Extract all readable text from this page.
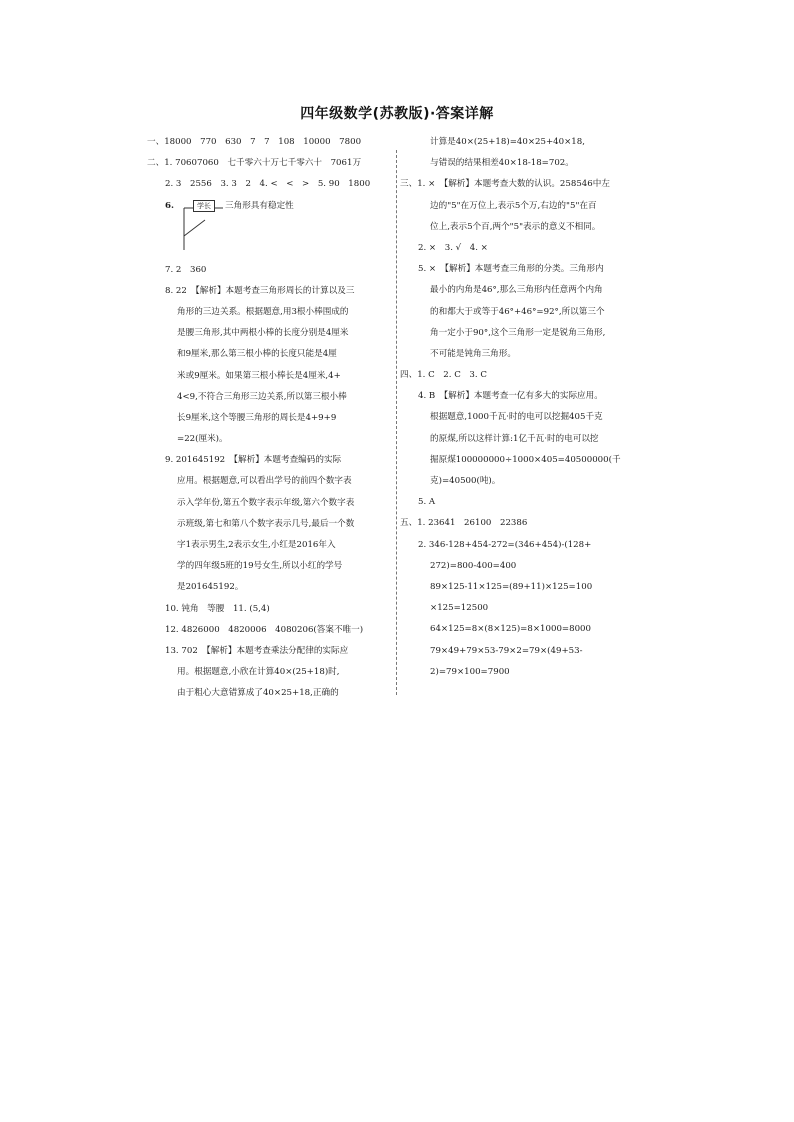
四年级数学(苏教版)·答案详解
一、18000　770　630　7　7　108　10000　7800
二、1. 70607060　七千零六十万七千零六十　7061万
2. 3　2556　3. 3　2　4. <　<　>　5. 90　1800
6.	学长	三角形具有稳定性
7. 2　360
8. 22　【解析】本题考查三角形周长的计算以及三
角形的三边关系。根据题意,用3根小棒围成的
是腰三角形,其中两根小棒的长度分别是4厘米
和9厘米,那么第三根小棒的长度只能是4厘
米或9厘米。如果第三根小棒长是4厘米,4+
4<9,不符合三角形三边关系,所以第三根小棒
长9厘米,这个等腰三角形的周长是4+9+9
=22(厘米)。
9. 201645192　【解析】本题考查编码的实际
应用。根据题意,可以看出学号的前四个数字表
示入学年份,第五个数字表示年级,第六个数字表
示班级,第七和第八个数字表示几号,最后一个数
字1表示男生,2表示女生,小红是2016年入
学的四年级5班的19号女生,所以小红的学号
是201645192。
10. 钝角　等腰　11. (5,4)
12. 4826000　4820006　4080206(答案不唯一)
13. 702　【解析】本题考查乘法分配律的实际应
用。根据题意,小欣在计算40×(25+18)时,
由于粗心大意错算成了40×25+18,正确的
计算是40×(25+18)=40×25+40×18,
与错误的结果相差40×18-18=702。
三、1. ×　【解析】本题考查大数的认识。258546中左
边的"5"在万位上,表示5个万,右边的"5"在百
位上,表示5个百,两个"5"表示的意义不相同。
2. ×　3. √　4. ×
5. ×　【解析】本题考查三角形的分类。三角形内
最小的内角是46°,那么三角形内任意两个内角
的和都大于或等于46°+46°=92°,所以第三个
角一定小于90°,这个三角形一定是锐角三角形,
不可能是钝角三角形。
四、1. C　2. C　3. C
4. B　【解析】本题考查一亿有多大的实际应用。
根据题意,1000千瓦·时的电可以挖掘405千克
的原煤,所以这样计算:1亿千瓦·时的电可以挖
掘原煤100000000÷1000×405=40500000(千
克)=40500(吨)。
5. A
五、1. 23641　26100　22386
2. 346-128+454-272=(346+454)-(128+
272)=800-400=400
89×125-11×125=(89+11)×125=100
×125=12500
64×125=8×(8×125)=8×1000=8000
79×49+79×53-79×2=79×(49+53-
2)=79×100=7900
